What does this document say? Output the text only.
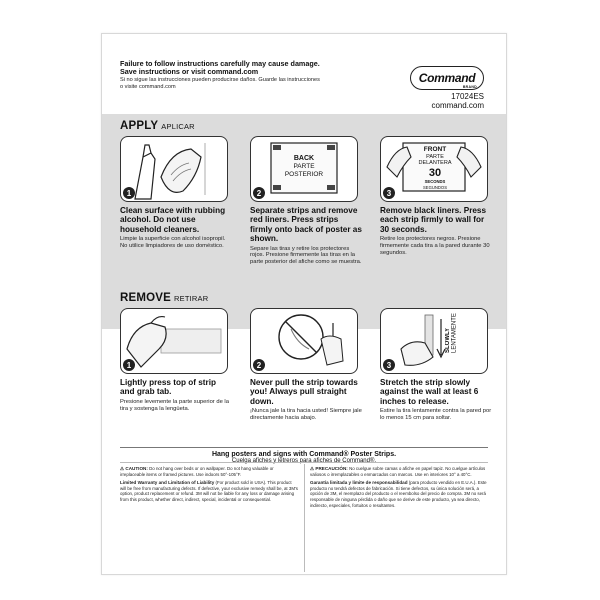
Failure to follow instructions carefully may cause damage. Save instructions or visit command.com
Si no sigue las instrucciones pueden producirse daños. Guarde las instrucciones o visite command.com
Command
BRAND
17024ES
command.com
APPLY APLICAR
1
BACK
PARTE POSTERIOR
2
FRONT
PARTE DELANTERA
30
SECONDS
SEGUNDOS
3
Clean surface with rubbing alcohol. Do not use household cleaners.
Limpie la superficie con alcohol isopropil. No utilice limpiadores de uso doméstico.
Separate strips and remove red liners. Press strips firmly onto back of poster as shown.
Separe las tiras y retire los protectores rojos. Presione firmemente las tiras en la parte posterior del afiche como se muestra.
Remove black liners. Press each strip firmly to wall for 30 seconds.
Retire los protectores negros. Presione firmemente cada tira a la pared durante 30 segundos.
REMOVE RETIRAR
1	2
SLOWLY LENTAMENTE
3
Lightly press top of strip and grab tab.
Presione levemente la parte superior de la tira y sostenga la lengüeta.
Never pull the strip towards you! Always pull straight down.
¡Nunca jale la tira hacia usted! Siempre jale directamente hacia abajo.
Stretch the strip slowly against the wall at least 6 inches to release.
Estire la tira lentamente contra la pared por lo menos 15 cm para soltar.
Hang posters and signs with Command® Poster Strips.
Cuelga afiches y letreros para afiches de Command®.
⚠ CAUTION: Do not hang over beds or on wallpaper. Do not hang valuable or irreplaceable items or framed pictures. Use indoors 50°-105°F.
Limited Warranty and Limitation of Liability (For product sold in USA). This product will be free from manufacturing defects. If defective, your exclusive remedy shall be, at 3M's option, product replacement or refund. 3M will not be liable for any loss or damage arising from this product, whether direct, indirect, special, incidental or consequential.
⚠ PRECAUCIÓN: No cuelgue sobre camas o afiche en papel tapiz. No cuelgue artículos valiosos o irremplazables o enmarcados con marcos. Use en interiores 10° a 40°C.
Garantía limitada y límite de responsabilidad (para producto vendido en E.U.A.). Este producto no tendrá defectos de fabricación. Si tiene defectos, su única solución será, a opción de 3M, el reemplazo del producto o el reembolso del precio de compra. 3M no será responsable de ninguna pérdida o daño que se derive de este producto, ya sea directo, indirecto, especiales, fortuitos o resultantes.
